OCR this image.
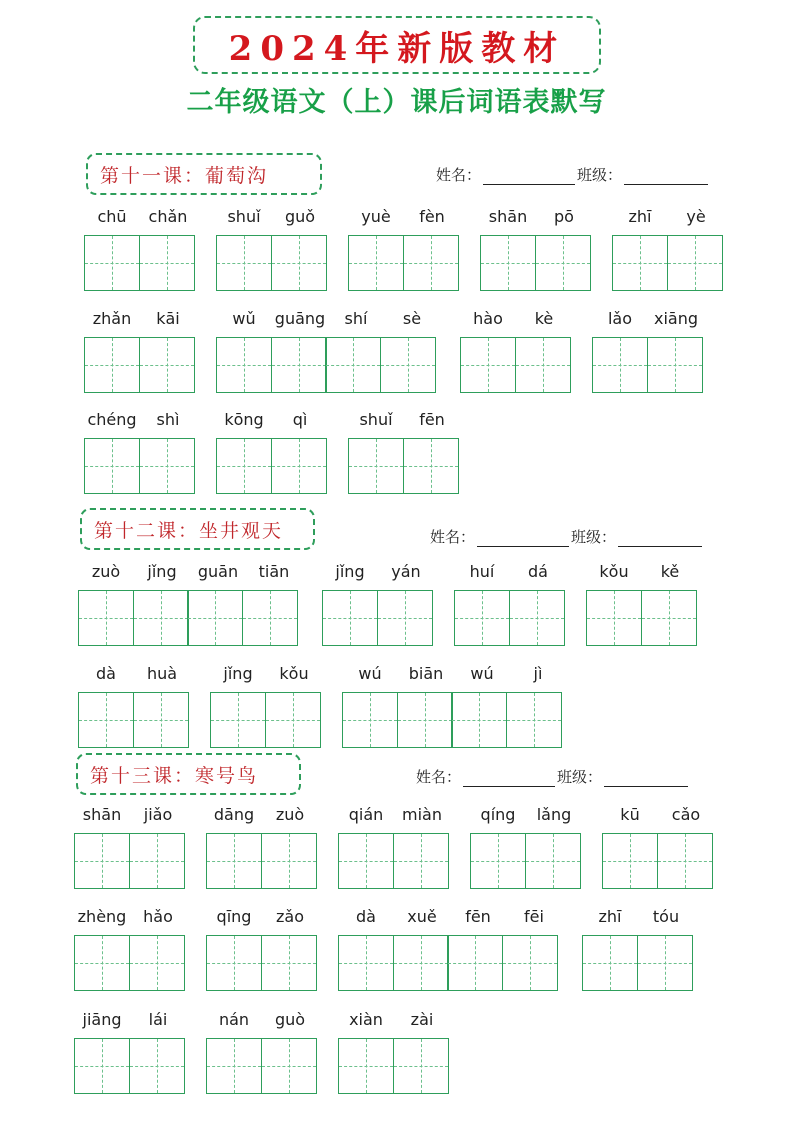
2024年新版教材
二年级语文（上）课后词语表默写
第十一课：葡萄沟	姓名：	班级：
chū	chǎn	shuǐ	guǒ	yuè	fèn	shān	pō	zhī	yè
zhǎn	kāi	wǔ	guāng	shí	sè	hào	kè	lǎo	xiāng
chéng	shì	kōng	qì	shuǐ	fēn
第十二课：坐井观天	姓名：	班级：
zuò	jǐng	guān	tiān	jǐng	yán	huí	dá	kǒu	kě
dà	huà	jǐng	kǒu	wú	biān	wú	jì
第十三课：寒号鸟	姓名：	班级：
shān	jiǎo	dāng	zuò	qián	miàn	qíng	lǎng	kū	cǎo
zhèng	hǎo	qīng	zǎo	dà	xuě	fēn	fēi	zhī	tóu
jiāng	lái	nán	guò	xiàn	zài
